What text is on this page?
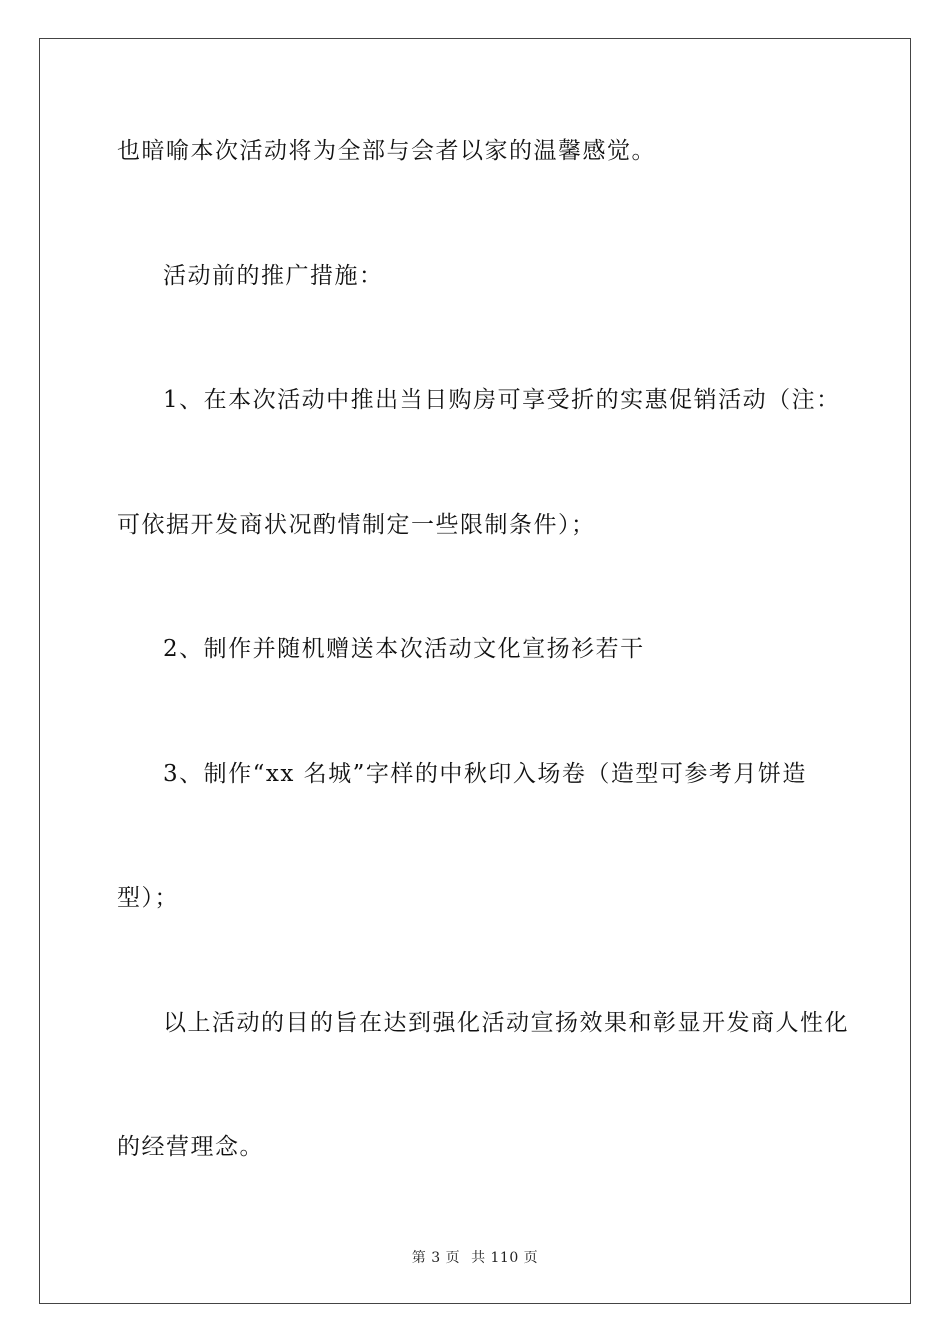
也暗喻本次活动将为全部与会者以家的温馨感觉。
活动前的推广措施：
1、在本次活动中推出当日购房可享受折的实惠促销活动（注：
可依据开发商状况酌情制定一些限制条件）；
2、制作并随机赠送本次活动文化宣扬衫若干
3、制作“xx 名城”字样的中秋印入场卷（造型可参考月饼造
型）；
以上活动的目的旨在达到强化活动宣扬效果和彰显开发商人性化
的经营理念。
第 3 页 共 110 页
